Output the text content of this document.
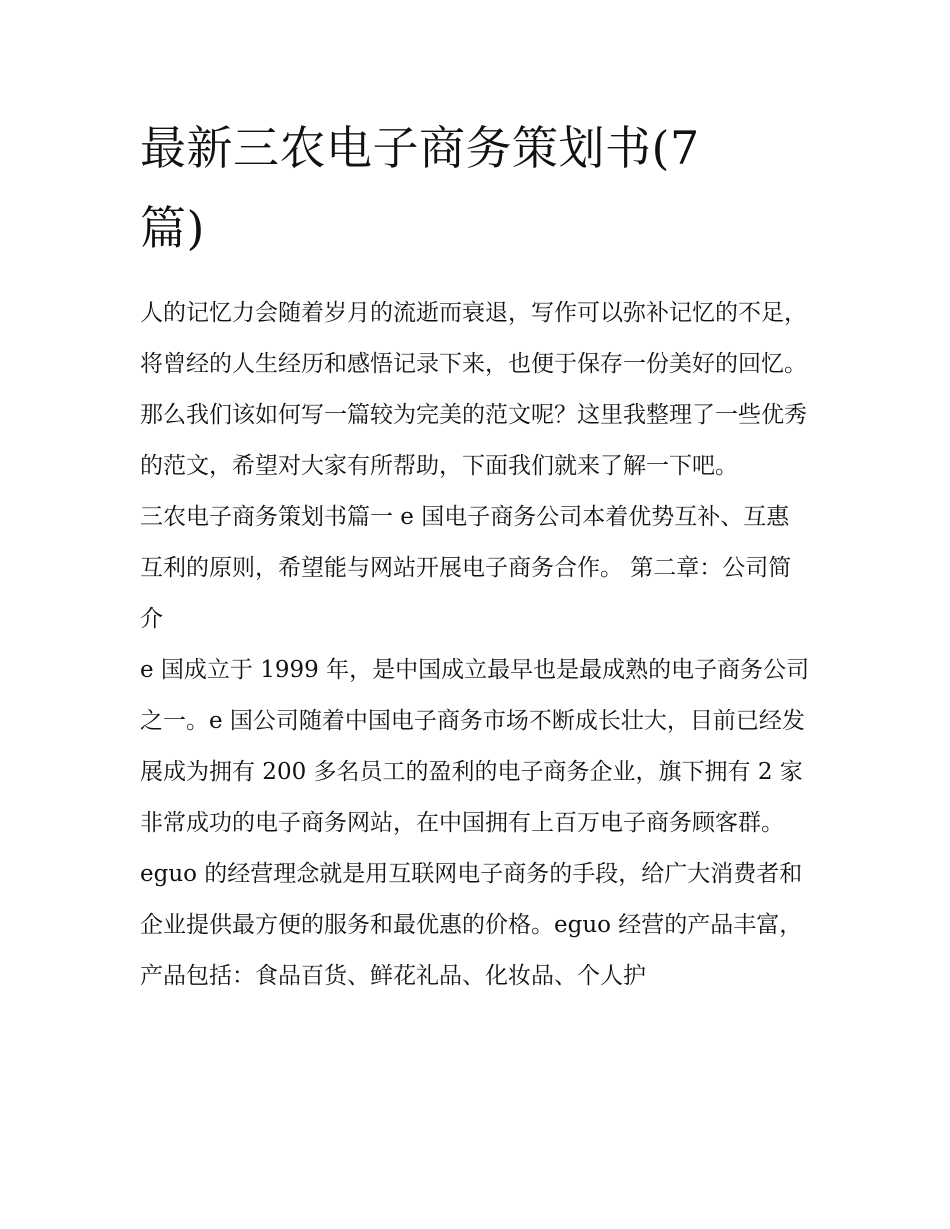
最新三农电子商务策划书(7篇)

人的记忆力会随着岁月的流逝而衰退，写作可以弥补记忆的不足，将曾经的人生经历和感悟记录下来，也便于保存一份美好的回忆。那么我们该如何写一篇较为完美的范文呢？这里我整理了一些优秀的范文，希望对大家有所帮助，下面我们就来了解一下吧。

三农电子商务策划书篇一 e 国电子商务公司本着优势互补、互惠互利的原则，希望能与网站开展电子商务合作。 第二章：公司简介

e 国成立于 1999 年，是中国成立最早也是最成熟的电子商务公司之一。e 国公司随着中国电子商务市场不断成长壮大，目前已经发展成为拥有 200 多名员工的盈利的电子商务企业，旗下拥有 2 家非常成功的电子商务网站，在中国拥有上百万电子商务顾客群。

eguo 的经营理念就是用互联网电子商务的手段，给广大消费者和企业提供最方便的服务和最优惠的价格。eguo 经营的产品丰富，产品包括：食品百货、鲜花礼品、化妆品、个人护
